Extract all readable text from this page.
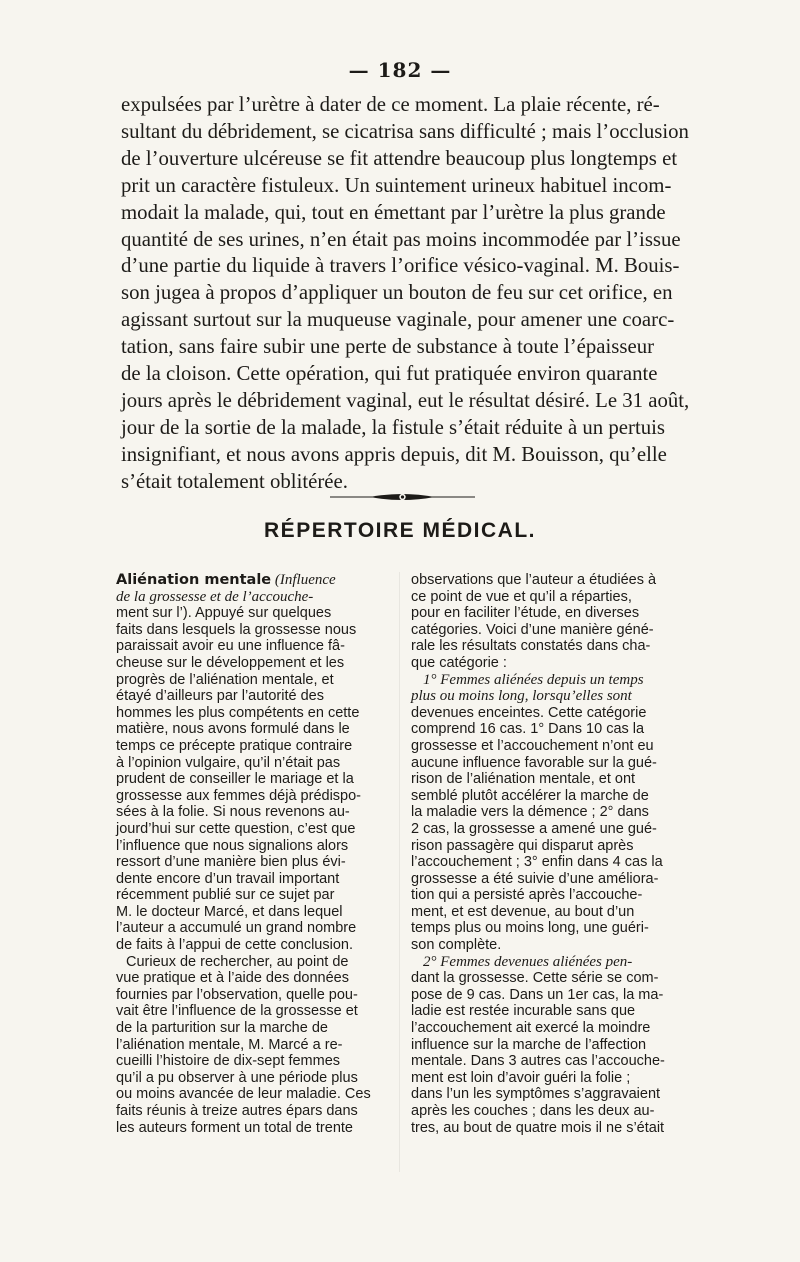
— 182 —
expulsées par l’urètre à dater de ce moment. La plaie récente, ré-
sultant du débridement, se cicatrisa sans difficulté ; mais l’occlusion
de l’ouverture ulcéreuse se fit attendre beaucoup plus longtemps et
prit un caractère fistuleux. Un suintement urineux habituel incom-
modait la malade, qui, tout en émettant par l’urètre la plus grande
quantité de ses urines, n’en était pas moins incommodée par l’issue
d’une partie du liquide à travers l’orifice vésico-vaginal. M. Bouis-
son jugea à propos d’appliquer un bouton de feu sur cet orifice, en
agissant surtout sur la muqueuse vaginale, pour amener une coarc-
tation, sans faire subir une perte de substance à toute l’épaisseur
de la cloison. Cette opération, qui fut pratiquée environ quarante
jours après le débridement vaginal, eut le résultat désiré. Le 31 août,
jour de la sortie de la malade, la fistule s’était réduite à un pertuis
insignifiant, et nous avons appris depuis, dit M. Bouisson, qu’elle
s’était totalement oblitérée.
RÉPERTOIRE MÉDICAL.
Aliénation mentale (Influence
de la grossesse et de l’accouche-
ment sur l’). Appuyé sur quelques
faits dans lesquels la grossesse nous
paraissait avoir eu une influence fâ-
cheuse sur le développement et les
progrès de l’aliénation mentale, et
étayé d’ailleurs par l’autorité des
hommes les plus compétents en cette
matière, nous avons formulé dans le
temps ce précepte pratique contraire
à l’opinion vulgaire, qu’il n’était pas
prudent de conseiller le mariage et la
grossesse aux femmes déjà prédispo-
sées à la folie. Si nous revenons au-
jourd’hui sur cette question, c’est que
l’influence que nous signalions alors
ressort d’une manière bien plus évi-
dente encore d’un travail important
récemment publié sur ce sujet par
M. le docteur Marcé, et dans lequel
l’auteur a accumulé un grand nombre
de faits à l’appui de cette conclusion.
Curieux de rechercher, au point de
vue pratique et à l’aide des données
fournies par l’observation, quelle pou-
vait être l’influence de la grossesse et
de la parturition sur la marche de
l’aliénation mentale, M. Marcé a re-
cueilli l’histoire de dix-sept femmes
qu’il a pu observer à une période plus
ou moins avancée de leur maladie. Ces
faits réunis à treize autres épars dans
les auteurs forment un total de trente
observations que l’auteur a étudiées à
ce point de vue et qu’il a réparties,
pour en faciliter l’étude, en diverses
catégories. Voici d’une manière géné-
rale les résultats constatés dans cha-
que catégorie :
1° Femmes aliénées depuis un temps
plus ou moins long, lorsqu’elles sont
devenues enceintes. Cette catégorie
comprend 16 cas. 1° Dans 10 cas la
grossesse et l’accouchement n’ont eu
aucune influence favorable sur la gué-
rison de l’aliénation mentale, et ont
semblé plutôt accélérer la marche de
la maladie vers la démence ; 2° dans
2 cas, la grossesse a amené une gué-
rison passagère qui disparut après
l’accouchement ; 3° enfin dans 4 cas la
grossesse a été suivie d’une améliora-
tion qui a persisté après l’accouche-
ment, et est devenue, au bout d’un
temps plus ou moins long, une guéri-
son complète.
2° Femmes devenues aliénées pen-
dant la grossesse. Cette série se com-
pose de 9 cas. Dans un 1er cas, la ma-
ladie est restée incurable sans que
l’accouchement ait exercé la moindre
influence sur la marche de l’affection
mentale. Dans 3 autres cas l’accouche-
ment est loin d’avoir guéri la folie ;
dans l’un les symptômes s’aggravaient
après les couches ; dans les deux au-
tres, au bout de quatre mois il ne s’était
